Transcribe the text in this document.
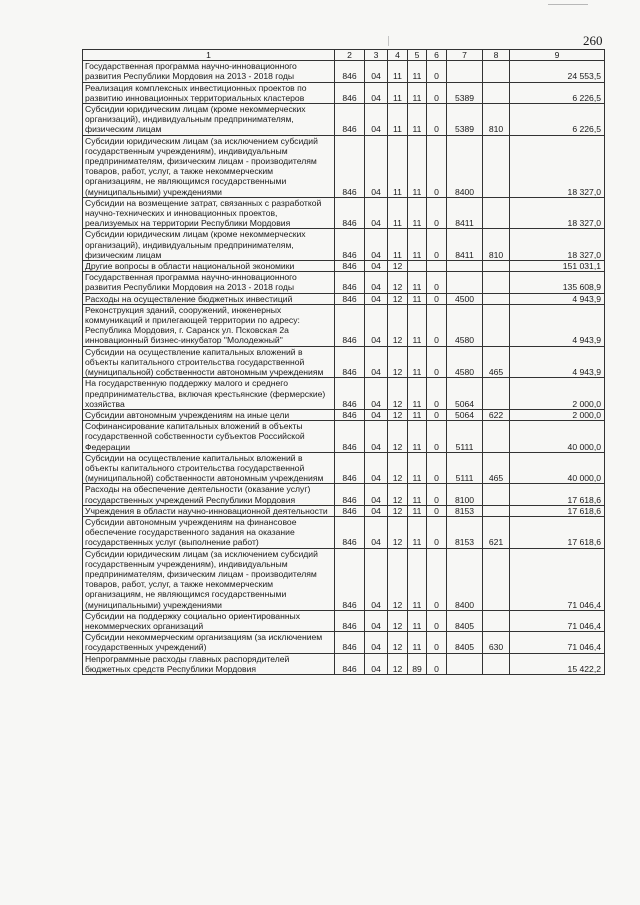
260
1	2	3	4	5	6	7	8	9
Государственная программа научно-инновационного развития Республики Мордовия на 2013 - 2018 годы	846	04	11	11	0			24 553,5
Реализация комплексных инвестиционных проектов по развитию инновационных территориальных кластеров	846	04	11	11	0	5389		6 226,5
Субсидии юридическим лицам (кроме некоммерческих организаций), индивидуальным предпринимателям, физическим лицам	846	04	11	11	0	5389	810	6 226,5
Субсидии юридическим лицам (за исключением субсидий государственным учреждениям), индивидуальным предпринимателям, физическим лицам - производителям товаров, работ, услуг, а также некоммерческим организациям, не являющимся государственными (муниципальными) учреждениями	846	04	11	11	0	8400		18 327,0
Субсидии на возмещение затрат, связанных с разработкой научно-технических и инновационных проектов, реализуемых на территории Республики Мордовия	846	04	11	11	0	8411		18 327,0
Субсидии юридическим лицам (кроме некоммерческих организаций), индивидуальным предпринимателям, физическим лицам	846	04	11	11	0	8411	810	18 327,0
Другие вопросы в области национальной экономики	846	04	12					151 031,1
Государственная программа научно-инновационного развития Республики Мордовия на 2013 - 2018 годы	846	04	12	11	0			135 608,9
Расходы на осуществление бюджетных инвестиций	846	04	12	11	0	4500		4 943,9
Реконструкция зданий, сооружений, инженерных коммуникаций и прилегающей территории по адресу: Республика Мордовия, г. Саранск ул. Псковская 2а инновационный бизнес-инкубатор "Молодежный"	846	04	12	11	0	4580		4 943,9
Субсидии на осуществление капитальных вложений в объекты капитального строительства государственной (муниципальной) собственности автономным учреждениям	846	04	12	11	0	4580	465	4 943,9
На государственную поддержку малого и среднего предпринимательства, включая крестьянские (фермерские) хозяйства	846	04	12	11	0	5064		2 000,0
Субсидии автономным учреждениям на иные цели	846	04	12	11	0	5064	622	2 000,0
Софинансирование капитальных вложений в объекты государственной собственности субъектов Российской Федерации	846	04	12	11	0	5111		40 000,0
Субсидии на осуществление капитальных вложений в объекты капитального строительства государственной (муниципальной) собственности автономным учреждениям	846	04	12	11	0	5111	465	40 000,0
Расходы на обеспечение деятельности (оказание услуг) государственных учреждений Республики Мордовия	846	04	12	11	0	8100		17 618,6
Учреждения в области научно-инновационной деятельности	846	04	12	11	0	8153		17 618,6
Субсидии автономным учреждениям на финансовое обеспечение государственного задания на оказание государственных услуг (выполнение работ)	846	04	12	11	0	8153	621	17 618,6
Субсидии юридическим лицам (за исключением субсидий государственным учреждениям), индивидуальным предпринимателям, физическим лицам - производителям товаров, работ, услуг, а также некоммерческим организациям, не являющимся государственными (муниципальными) учреждениями	846	04	12	11	0	8400		71 046,4
Субсидии на поддержку социально ориентированных некоммерческих организаций	846	04	12	11	0	8405		71 046,4
Субсидии некоммерческим организациям (за исключением государственных учреждений)	846	04	12	11	0	8405	630	71 046,4
Непрограммные расходы главных распорядителей бюджетных средств Республики Мордовия	846	04	12	89	0			15 422,2
